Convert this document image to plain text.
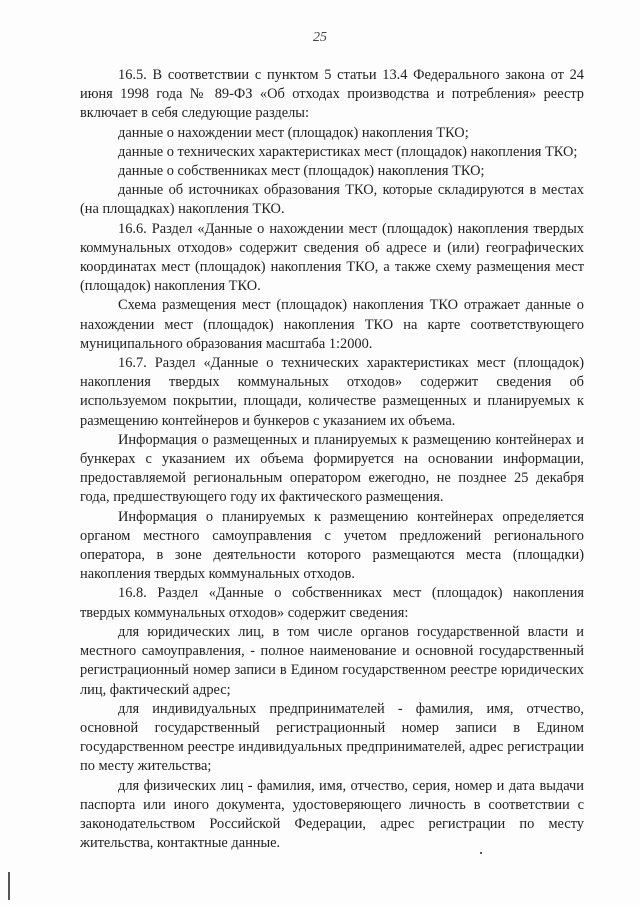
25

16.5. В соответствии с пунктом 5 статьи 13.4 Федерального закона от 24 июня 1998 года № 89-ФЗ «Об отходах производства и потребления» реестр включает в себя следующие разделы:

данные о нахождении мест (площадок) накопления ТКО;

данные о технических характеристиках мест (площадок) накопления ТКО;

данные о собственниках мест (площадок) накопления ТКО;

данные об источниках образования ТКО, которые складируются в местах (на площадках) накопления ТКО.

16.6. Раздел «Данные о нахождении мест (площадок) накопления твердых коммунальных отходов» содержит сведения об адресе и (или) географических координатах мест (площадок) накопления ТКО, а также схему размещения мест (площадок) накопления ТКО.

Схема размещения мест (площадок) накопления ТКО отражает данные о нахождении мест (площадок) накопления ТКО на карте соответствующего муниципального образования масштаба 1:2000.

16.7. Раздел «Данные о технических характеристиках мест (площадок) накопления твердых коммунальных отходов» содержит сведения об используемом покрытии, площади, количестве размещенных и планируемых к размещению контейнеров и бункеров с указанием их объема.

Информация о размещенных и планируемых к размещению контейнерах и бункерах с указанием их объема формируется на основании информации, предоставляемой региональным оператором ежегодно, не позднее 25 декабря года, предшествующего году их фактического размещения.

Информация о планируемых к размещению контейнерах определяется органом местного самоуправления с учетом предложений регионального оператора, в зоне деятельности которого размещаются места (площадки) накопления твердых коммунальных отходов.

16.8. Раздел «Данные о собственниках мест (площадок) накопления твердых коммунальных отходов» содержит сведения:

для юридических лиц, в том числе органов государственной власти и местного самоуправления, - полное наименование и основной государственный регистрационный номер записи в Едином государственном реестре юридических лиц, фактический адрес;

для индивидуальных предпринимателей - фамилия, имя, отчество, основной государственный регистрационный номер записи в Едином государственном реестре индивидуальных предпринимателей, адрес регистрации по месту жительства;

для физических лиц - фамилия, имя, отчество, серия, номер и дата выдачи паспорта или иного документа, удостоверяющего личность в соответствии с законодательством Российской Федерации, адрес регистрации по месту жительства, контактные данные.
